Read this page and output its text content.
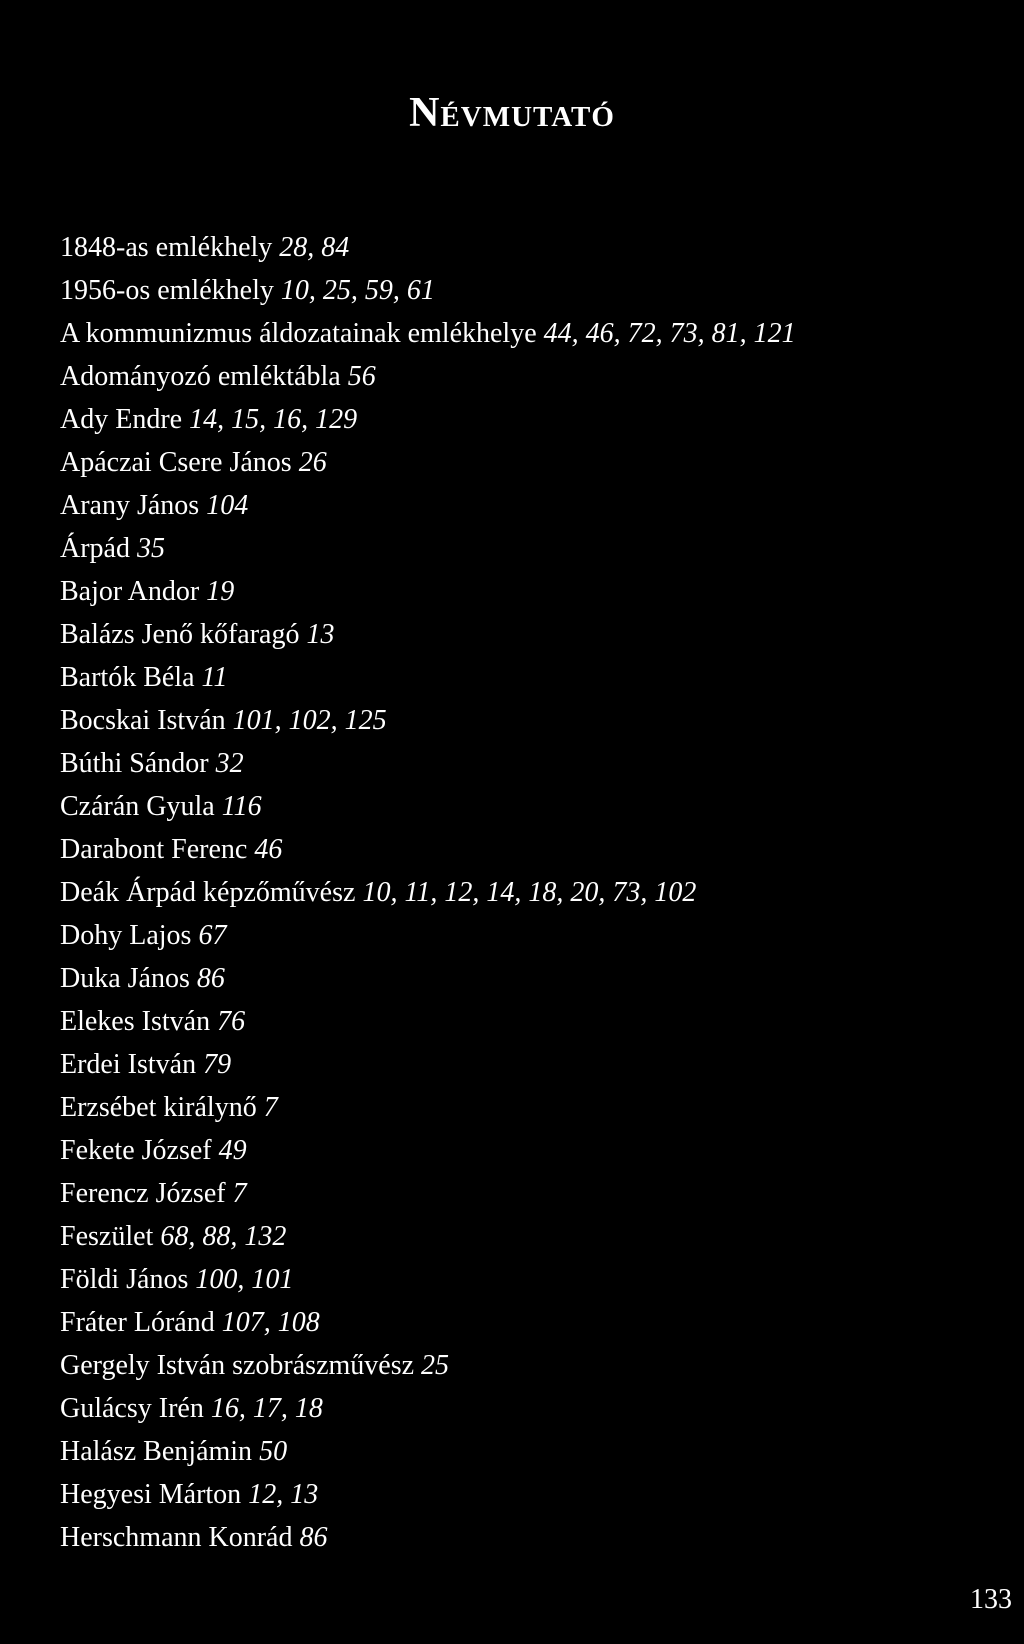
Névmutató
1848-as emlékhely 28, 84
1956-os emlékhely 10, 25, 59, 61
A kommunizmus áldozatainak emlékhelye 44, 46, 72, 73, 81, 121
Adományozó emléktábla 56
Ady Endre 14, 15, 16, 129
Apáczai Csere János 26
Arany János 104
Árpád 35
Bajor Andor 19
Balázs Jenő kőfaragó 13
Bartók Béla 11
Bocskai István 101, 102, 125
Búthi Sándor 32
Czárán Gyula 116
Darabont Ferenc 46
Deák Árpád képzőművész 10, 11, 12, 14, 18, 20, 73, 102
Dohy Lajos 67
Duka János 86
Elekes István 76
Erdei István 79
Erzsébet királynő 7
Fekete József 49
Ferencz József 7
Feszület 68, 88, 132
Földi János 100, 101
Fráter Lóránd 107, 108
Gergely István szobrászművész 25
Gulácsy Irén 16, 17, 18
Halász Benjámin 50
Hegyesi Márton 12, 13
Herschmann Konrád 86
133
